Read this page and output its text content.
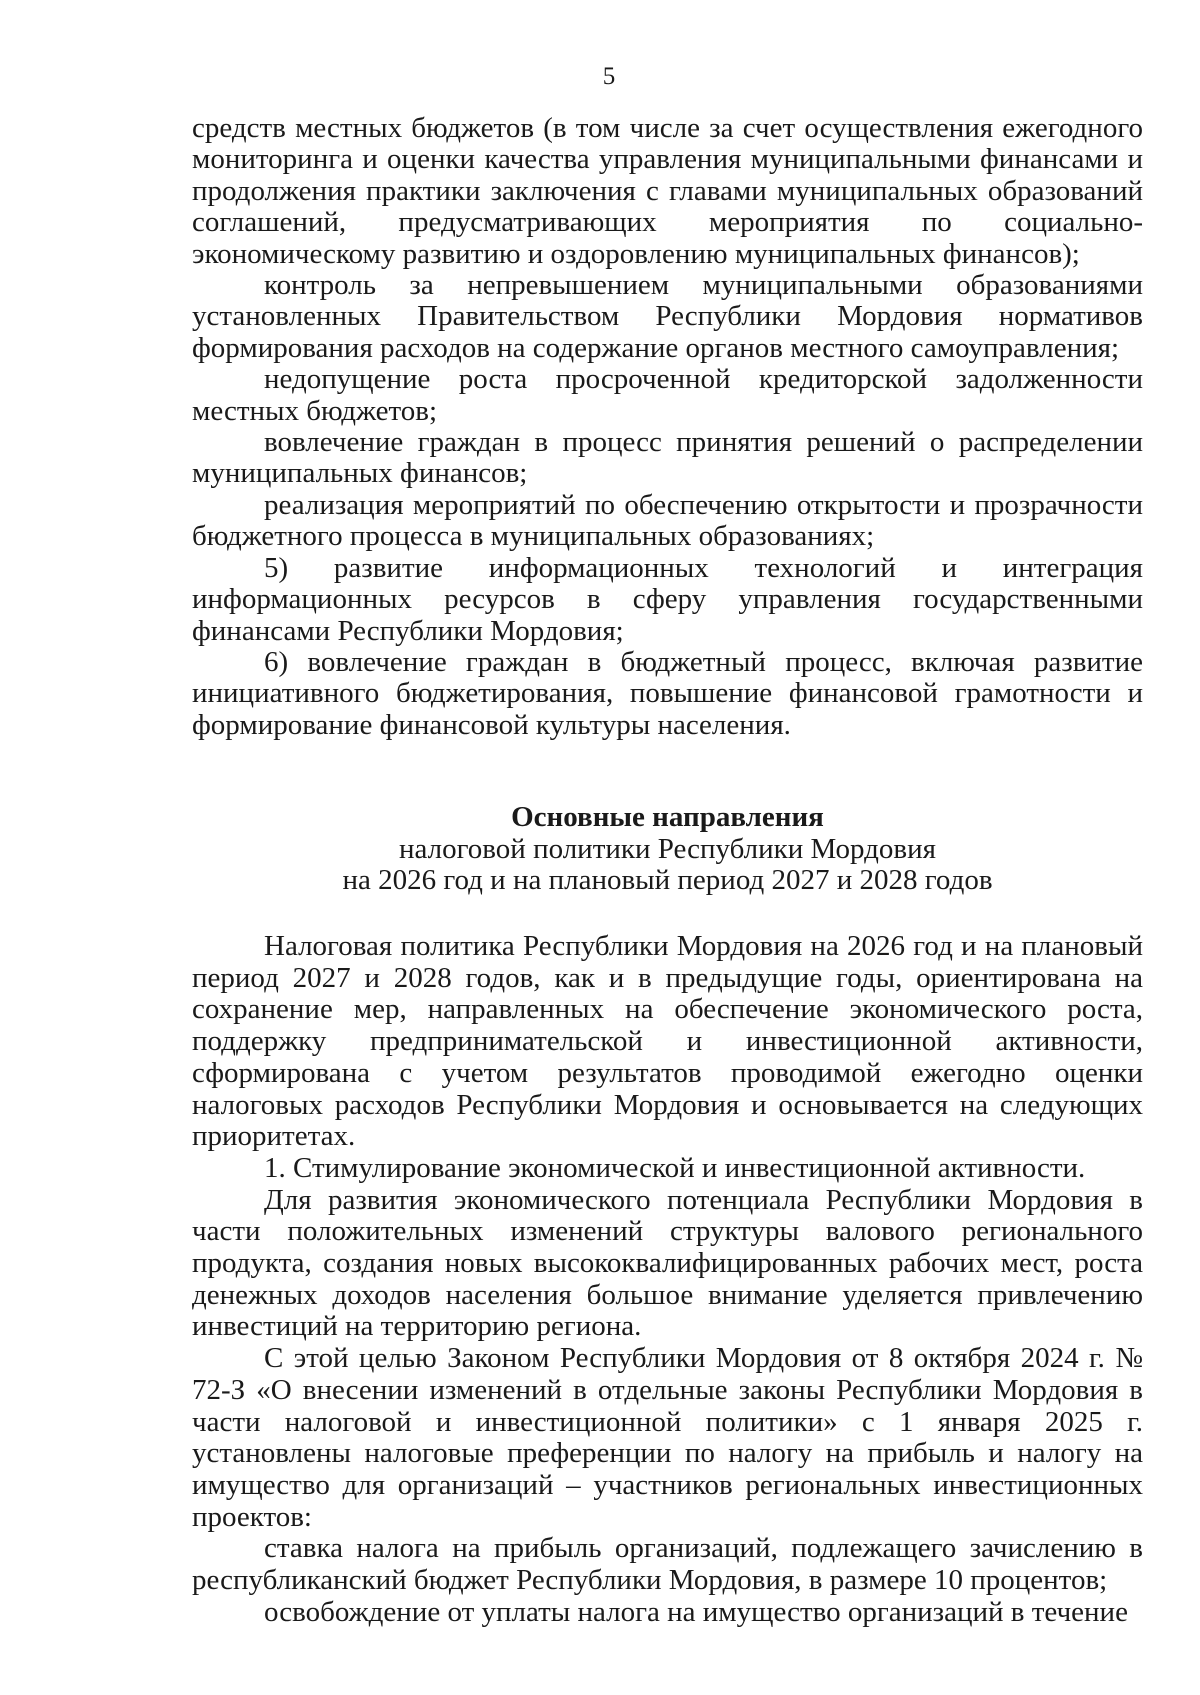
5

средств местных бюджетов (в том числе за счет осуществления ежегодного мониторинга и оценки качества управления муниципальными финансами и продолжения практики заключения с главами муниципальных образований соглашений, предусматривающих мероприятия по социально-экономическому развитию и оздоровлению муниципальных финансов);

контроль за непревышением муниципальными образованиями установленных Правительством Республики Мордовия нормативов формирования расходов на содержание органов местного самоуправления;

недопущение роста просроченной кредиторской задолженности местных бюджетов;

вовлечение граждан в процесс принятия решений о распределении муниципальных финансов;

реализация мероприятий по обеспечению открытости и прозрачности бюджетного процесса в муниципальных образованиях;

5) развитие информационных технологий и интеграция информационных ресурсов в сферу управления государственными финансами Республики Мордовия;

6) вовлечение граждан в бюджетный процесс, включая развитие инициативного бюджетирования, повышение финансовой грамотности и формирование финансовой культуры населения.

Основные направления
налоговой политики Республики Мордовия
на 2026 год и на плановый период 2027 и 2028 годов

Налоговая политика Республики Мордовия на 2026 год и на плановый период 2027 и 2028 годов, как и в предыдущие годы, ориентирована на сохранение мер, направленных на обеспечение экономического роста, поддержку предпринимательской и инвестиционной активности, сформирована с учетом результатов проводимой ежегодно оценки налоговых расходов Республики Мордовия и основывается на следующих приоритетах.

1. Стимулирование экономической и инвестиционной активности.

Для развития экономического потенциала Республики Мордовия в части положительных изменений структуры валового регионального продукта, создания новых высококвалифицированных рабочих мест, роста денежных доходов населения большое внимание уделяется привлечению инвестиций на территорию региона.

С этой целью Законом Республики Мордовия от 8 октября 2024 г. № 72-З «О внесении изменений в отдельные законы Республики Мордовия в части налоговой и инвестиционной политики» с 1 января 2025 г. установлены налоговые преференции по налогу на прибыль и налогу на имущество для организаций – участников региональных инвестиционных проектов:

ставка налога на прибыль организаций, подлежащего зачислению в республиканский бюджет Республики Мордовия, в размере 10 процентов;

освобождение от уплаты налога на имущество организаций в течение
